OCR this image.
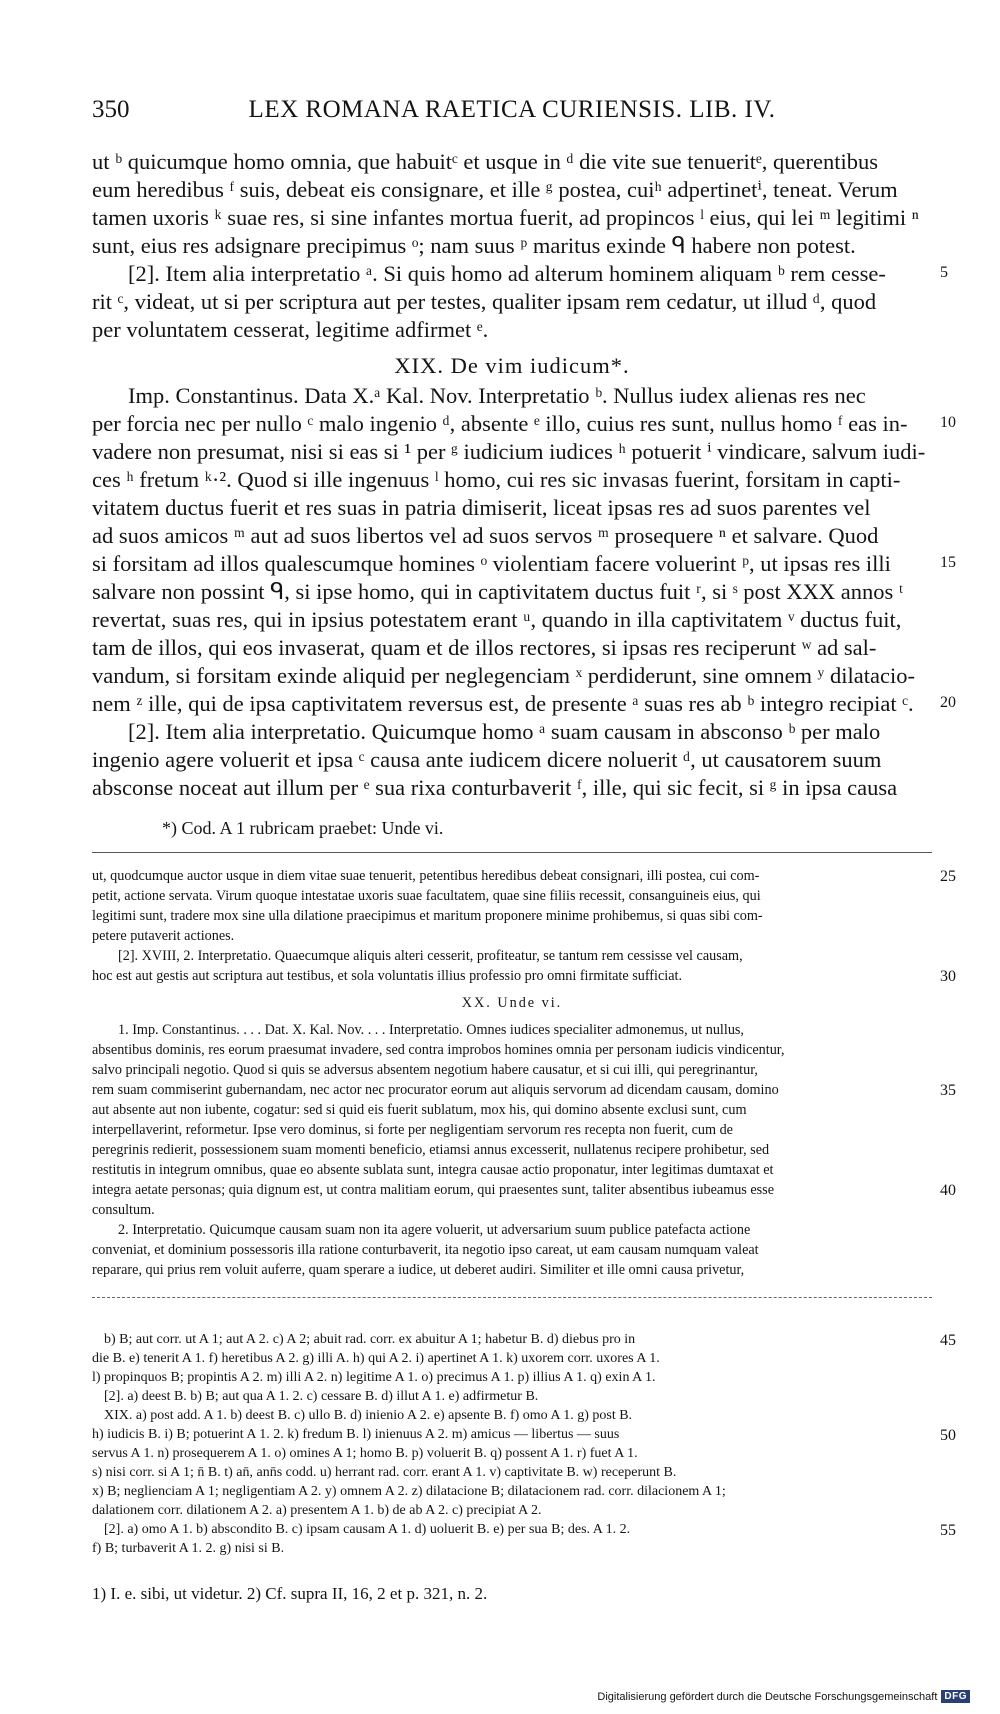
350	LEX ROMANA RAETICA CURIENSIS. LIB. IV.
ut ᵇ quicumque homo omnia, que habuitᶜ et usque in ᵈ die vite sue tenueritᵉ, querentibus
eum heredibus ᶠ suis, debeat eis consignare, et ille ᵍ postea, cuiʰ adpertinetⁱ, teneat. Verum
tamen uxoris ᵏ suae res, si sine infantes mortua fuerit, ad propincos ˡ eius, qui lei ᵐ legitimi ⁿ
sunt, eius res adsignare precipimus ᵒ; nam suus ᵖ maritus exinde ᑫ habere non potest.
[2]. Item alia interpretatio ᵃ. Si quis homo ad alterum hominem aliquam ᵇ rem cesse-
rit ᶜ, videat, ut si per scriptura aut per testes, qualiter ipsam rem cedatur, ut illud ᵈ, quod
per voluntatem cesserat, legitime adfirmet ᵉ.
XIX. De vim iudicum*.
Imp. Constantinus. Data X.ᵃ Kal. Nov. Interpretatio ᵇ. Nullus iudex alienas res nec
per forcia nec per nullo ᶜ malo ingenio ᵈ, absente ᵉ illo, cuius res sunt, nullus homo ᶠ eas in-
vadere non presumat, nisi si eas si ¹ per ᵍ iudicium iudices ʰ potuerit ⁱ vindicare, salvum iudi-
ces ʰ fretum ᵏ·². Quod si ille ingenuus ˡ homo, cui res sic invasas fuerint, forsitam in capti-
vitatem ductus fuerit et res suas in patria dimiserit, liceat ipsas res ad suos parentes vel
ad suos amicos ᵐ aut ad suos libertos vel ad suos servos ᵐ prosequere ⁿ et salvare. Quod
si forsitam ad illos qualescumque homines ᵒ violentiam facere voluerint ᵖ, ut ipsas res illi
salvare non possint ᑫ, si ipse homo, qui in captivitatem ductus fuit ʳ, si ˢ post XXX annos ᵗ
revertat, suas res, qui in ipsius potestatem erant ᵘ, quando in illa captivitatem ᵛ ductus fuit,
tam de illos, qui eos invaserat, quam et de illos rectores, si ipsas res reciperunt ʷ ad sal-
vandum, si forsitam exinde aliquid per neglegenciam ˣ perdiderunt, sine omnem ʸ dilatacio-
nem ᶻ ille, qui de ipsa captivitatem reversus est, de presente ᵃ suas res ab ᵇ integro recipiat ᶜ.
[2]. Item alia interpretatio. Quicumque homo ᵃ suam causam in absconso ᵇ per malo
ingenio agere voluerit et ipsa ᶜ causa ante iudicem dicere noluerit ᵈ, ut causatorem suum
absconse noceat aut illum per ᵉ sua rixa conturbaverit ᶠ, ille, qui sic fecit, si ᵍ in ipsa causa
*) Cod. A 1 rubricam praebet: Unde vi.
ut, quodcumque auctor usque in diem vitae suae tenuerit, petentibus heredibus debeat consignari, illi postea, cui com-
petit, actione servata. Virum quoque intestatae uxoris suae facultatem, quae sine filiis recessit, consanguineis eius, qui
legitimi sunt, tradere mox sine ulla dilatione praecipimus et maritum proponere minime prohibemus, si quas sibi com-
petere putaverit actiones.
[2]. XVIII, 2. Interpretatio. Quaecumque aliquis alteri cesserit, profiteatur, se tantum rem cessisse vel causam,
hoc est aut gestis aut scriptura aut testibus, et sola voluntatis illius professio pro omni firmitate sufficiat.
XX. Unde vi.
1. Imp. Constantinus. . . . Dat. X. Kal. Nov. . . . Interpretatio. Omnes iudices specialiter admonemus, ut nullus,
absentibus dominis, res eorum praesumat invadere, sed contra improbos homines omnia per personam iudicis vindicentur,
salvo principali negotio. Quod si quis se adversus absentem negotium habere causatur, et si cui illi, qui peregrinantur,
rem suam commiserint gubernandam, nec actor nec procurator eorum aut aliquis servorum ad dicendam causam, domino
aut absente aut non iubente, cogatur: sed si quid eis fuerit sublatum, mox his, qui domino absente exclusi sunt, cum
interpellaverint, reformetur. Ipse vero dominus, si forte per negligentiam servorum res recepta non fuerit, cum de
peregrinis redierit, possessionem suam momenti beneficio, etiamsi annus excesserit, nullatenus recipere prohibetur, sed
restitutis in integrum omnibus, quae eo absente sublata sunt, integra causae actio proponatur, inter legitimas dumtaxat et
integra aetate personas; quia dignum est, ut contra malitiam eorum, qui praesentes sunt, taliter absentibus iubeamus esse
consultum.
2. Interpretatio. Quicumque causam suam non ita agere voluerit, ut adversarium suum publice patefacta actione
conveniat, et dominium possessoris illa ratione conturbaverit, ita negotio ipso careat, ut eam causam numquam valeat
reparare, qui prius rem voluit auferre, quam sperare a iudice, ut deberet audiri. Similiter et ille omni causa privetur,
b) B; aut corr. ut A 1; aut A 2. c) A 2; abuit rad. corr. ex abuitur A 1; habetur B. d) diebus pro in
die B. e) tenerit A 1. f) heretibus A 2. g) illi A. h) qui A 2. i) apertinet A 1. k) uxorem corr. uxores A 1.
l) propinquos B; propintis A 2. m) illi A 2. n) legitime A 1. o) precimus A 1. p) illius A 1. q) exin A 1.
[2]. a) deest B. b) B; aut qua A 1. 2. c) cessare B. d) illut A 1. e) adfirmetur B.
XIX. a) post add. A 1. b) deest B. c) ullo B. d) inienio A 2. e) apsente B. f) omo A 1. g) post B.
h) iudicis B. i) B; potuerint A 1. 2. k) fredum B. l) inienuus A 2. m) amicus — libertus — suus
servus A 1. n) prosequerem A 1. o) omines A 1; homo B. p) voluerit B. q) possent A 1. r) fuet A 1.
s) nisi corr. si A 1; n̄ B. t) an̄, ann̄s codd. u) herrant rad. corr. erant A 1. v) captivitate B. w) receperunt B.
x) B; neglienciam A 1; negligentiam A 2. y) omnem A 2. z) dilatacione B; dilatacionem rad. corr. dilacionem A 1;
dalationem corr. dilationem A 2. a) presentem A 1. b) de ab A 2. c) precipiat A 2.
[2]. a) omo A 1. b) absconditо B. c) ipsam causam A 1. d) uoluerit B. e) per sua B; des. A 1. 2.
f) B; turbaverit A 1. 2. g) nisi si B.
1) I. e. sibi, ut videtur. 2) Cf. supra II, 16, 2 et p. 321, n. 2.
5
10
15
20
25
30
35
40
45
50
55
Digitalisierung gefördert durch die Deutsche Forschungsgemeinschaft DFG
